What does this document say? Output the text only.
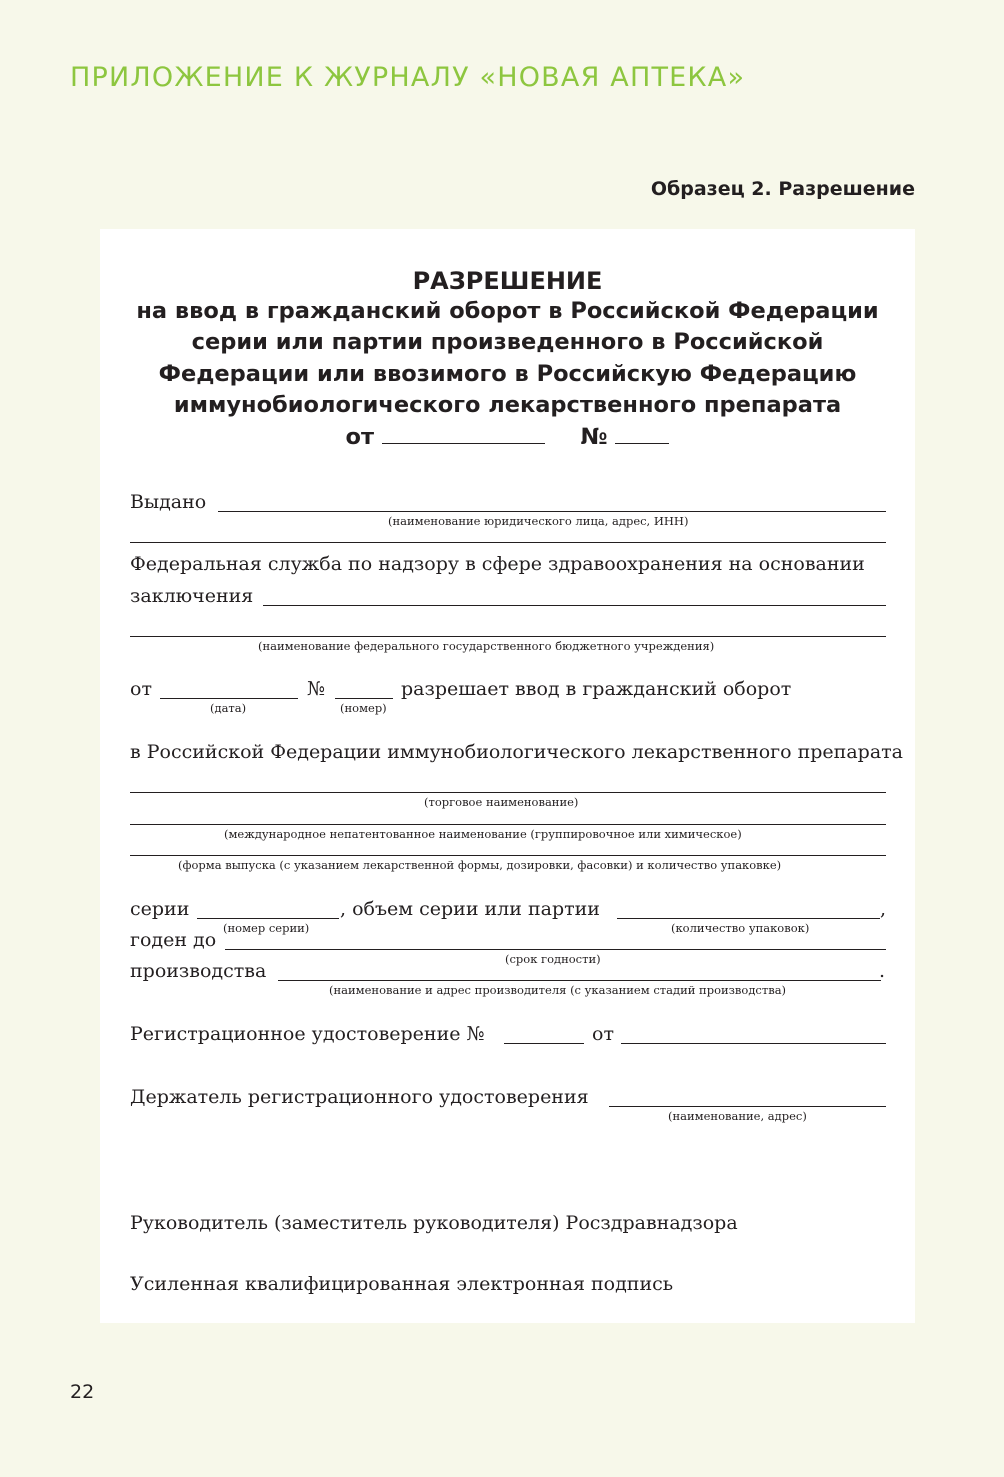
ПРИЛОЖЕНИЕ К ЖУРНАЛУ «НОВАЯ АПТЕКА»
Образец 2. Разрешение
РАЗРЕШЕНИЕ
на ввод в гражданский оборот в Российской Федерации
серии или партии произведенного в Российской
Федерации или ввозимого в Российскую Федерацию
иммунобиологического лекарственного препарата
от	№
Выдано
(наименование юридического лица, адрес, ИНН)
Федеральная служба по надзору в сфере здравоохранения на основании
заключения
(наименование федерального государственного бюджетного учреждения)
от	№	разрешает ввод в гражданский оборот
(дата)	(номер)
в Российской Федерации иммунобиологического лекарственного препарата
(торговое наименование)
(международное непатентованное наименование (группировочное или химическое)
(форма выпуска (с указанием лекарственной формы, дозировки, фасовки) и количество упаковке)
серии	, объем серии или партии	,
(номер серии)	(количество упаковок)
годен до
(срок годности)
производства	.
(наименование и адрес производителя (с указанием стадий производства)
Регистрационное удостоверение №	от
Держатель регистрационного удостоверения
(наименование, адрес)
Руководитель (заместитель руководителя) Росздравнадзора
Усиленная квалифицированная электронная подпись
22
